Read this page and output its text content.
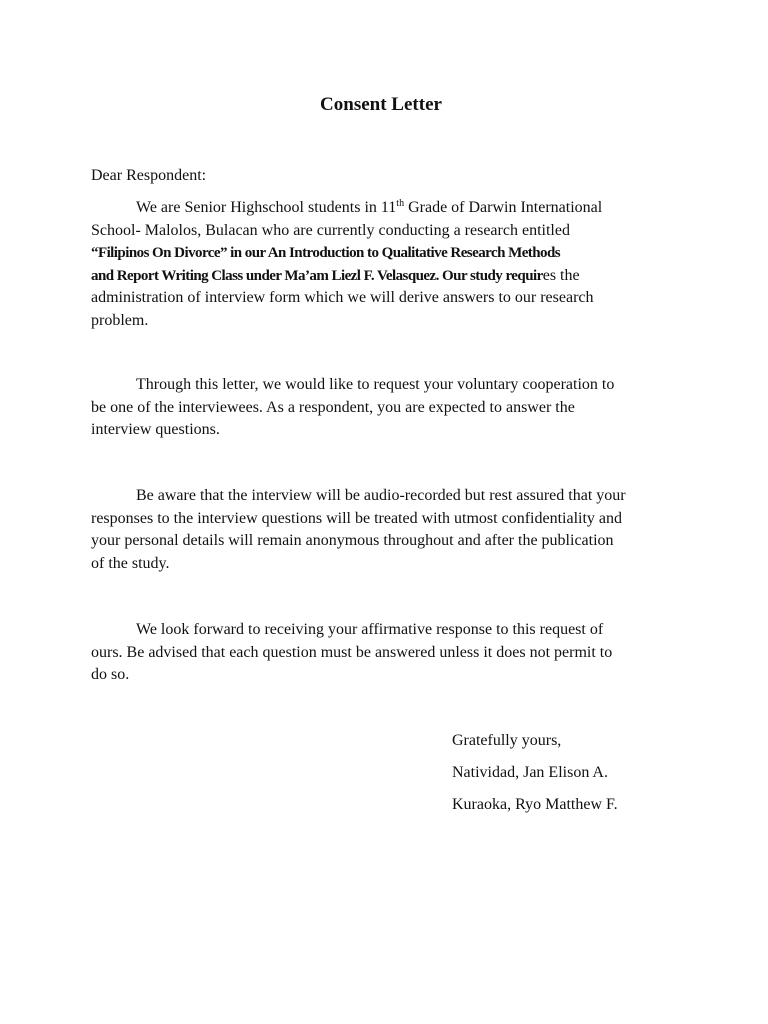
Consent Letter
Dear Respondent:
We are Senior Highschool students in 11th Grade of Darwin International
School- Malolos, Bulacan who are currently conducting a research entitled
“Filipinos On Divorce” in our An Introduction to Qualitative Research Methods
and Report Writing Class under Ma’am Liezl F. Velasquez. Our study requires the
administration of interview form which we will derive answers to our research
problem.
Through this letter, we would like to request your voluntary cooperation to
be one of the interviewees. As a respondent, you are expected to answer the
interview questions.
Be aware that the interview will be audio-recorded but rest assured that your
responses to the interview questions will be treated with utmost confidentiality and
your personal details will remain anonymous throughout and after the publication
of the study.
We look forward to receiving your affirmative response to this request of
ours. Be advised that each question must be answered unless it does not permit to
do so.
Gratefully yours,
Natividad, Jan Elison A.
Kuraoka, Ryo Matthew F.
